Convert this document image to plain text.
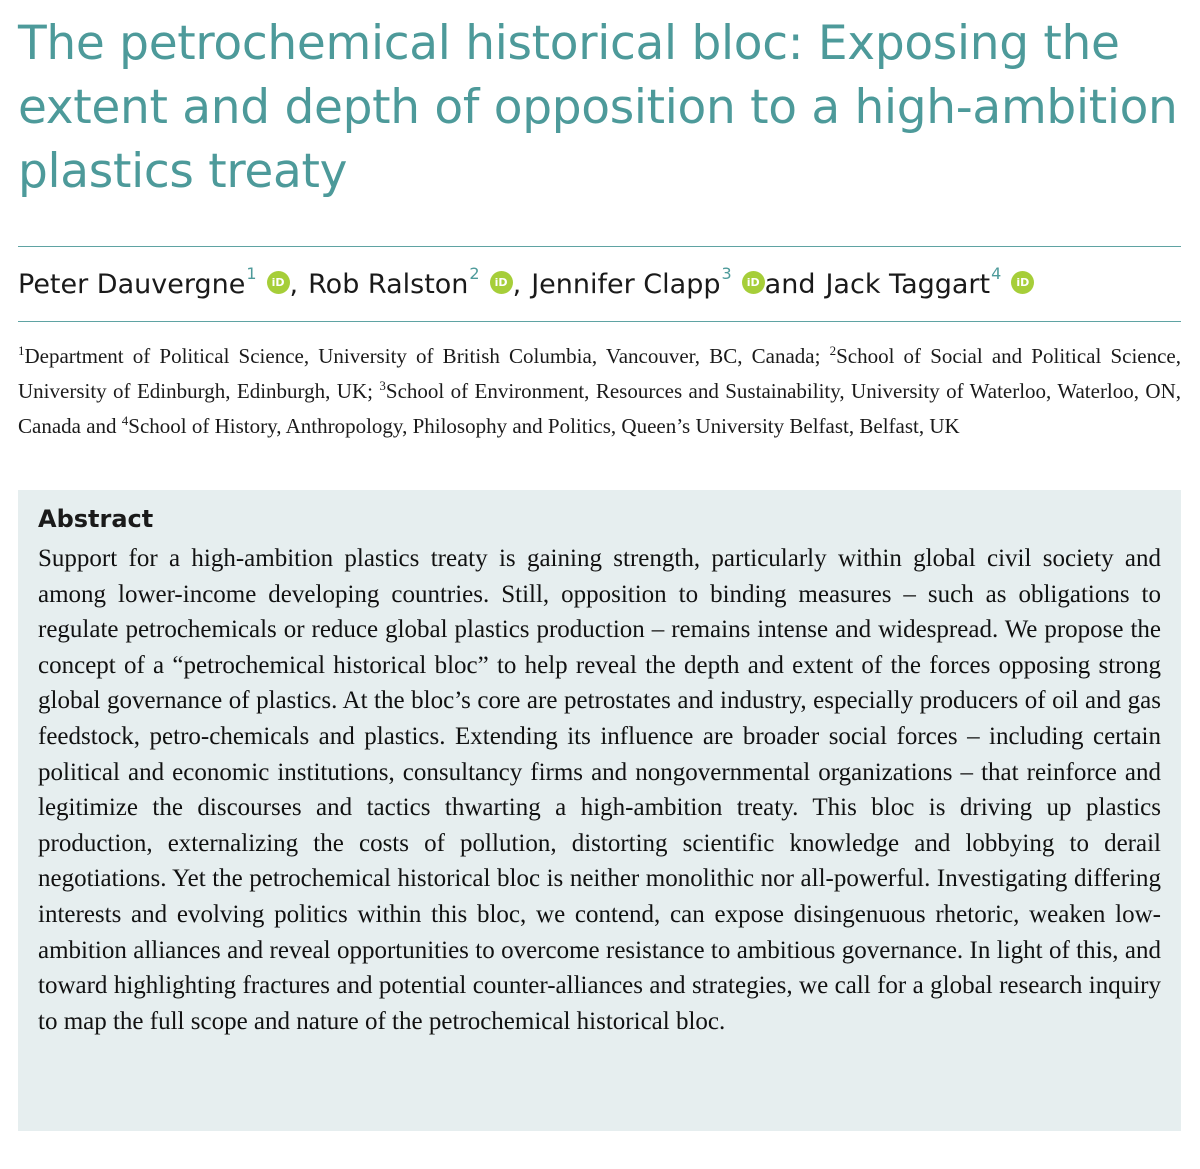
The petrochemical historical bloc: Exposing the extent and depth of opposition to a high-ambition plastics treaty
Peter Dauvergne$^1$	iD , Rob Ralston$^2$	iD , Jennifer Clapp$^3$	iD and Jack Taggart$^4$	iD
$^1$Department of Political Science, University of British Columbia, Vancouver, BC, Canada; $^2$School of Social and Political Science, University of Edinburgh, Edinburgh, UK; $^3$School of Environment, Resources and Sustainability, University of Waterloo, Waterloo, ON, Canada and $^4$School of History, Anthropology, Philosophy and Politics, Queen’s University Belfast, Belfast, UK
Abstract

Support for a high-ambition plastics treaty is gaining strength, particularly within global civil society and among lower-income developing countries. Still, opposition to binding measures – such as obligations to regulate petrochemicals or reduce global plastics production – remains intense and widespread. We propose the concept of a “petrochemical historical bloc” to help reveal the depth and extent of the forces opposing strong global governance of plastics. At the bloc’s core are petrostates and industry, especially producers of oil and gas feedstock, petro-chemicals and plastics. Extending its influence are broader social forces – including certain political and economic institutions, consultancy firms and nongovernmental organizations – that reinforce and legitimize the discourses and tactics thwarting a high-ambition treaty. This bloc is driving up plastics production, externalizing the costs of pollution, distorting scientific knowledge and lobbying to derail negotiations. Yet the petrochemical historical bloc is neither monolithic nor all-powerful. Investigating differing interests and evolving politics within this bloc, we contend, can expose disingenuous rhetoric, weaken low-ambition alliances and reveal opportunities to overcome resistance to ambitious governance. In light of this, and toward highlighting fractures and potential counter-alliances and strategies, we call for a global research inquiry to map the full scope and nature of the petrochemical historical bloc.
